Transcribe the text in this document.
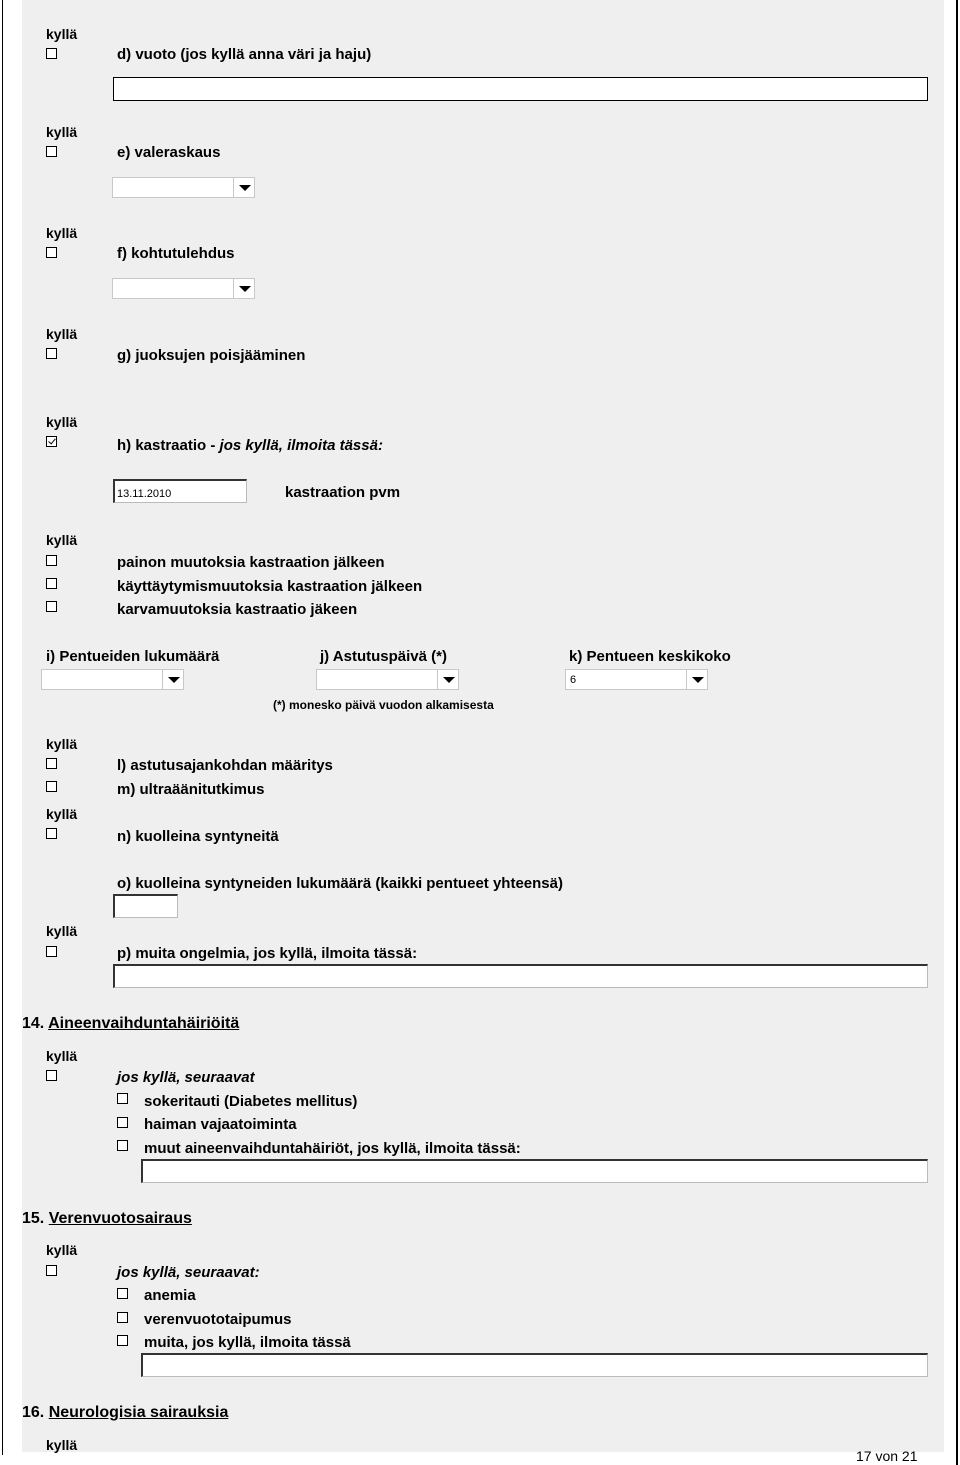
kyllä
d) vuoto (jos kyllä anna väri ja haju)
kyllä
e) valeraskaus
kyllä
f) kohtutulehdus
kyllä
g) juoksujen poisjääminen
kyllä
h) kastraatio - jos kyllä, ilmoita tässä:
13.11.2010	kastraation pvm
kyllä
painon muutoksia kastraation jälkeen
käyttäytymismuutoksia kastraation jälkeen
karvamuutoksia kastraatio jäkeen
i) Pentueiden lukumäärä	j) Astutuspäivä (*)	k) Pentueen keskikoko
6
(*) monesko päivä vuodon alkamisesta
kyllä
l) astutusajankohdan määritys
m) ultraäänitutkimus
kyllä
n) kuolleina syntyneitä
o) kuolleina syntyneiden lukumäärä (kaikki pentueet yhteensä)
kyllä
p) muita ongelmia, jos kyllä, ilmoita tässä:
14. Aineenvaihduntahäiriöitä
kyllä
jos kyllä, seuraavat
sokeritauti (Diabetes mellitus)
haiman vajaatoiminta
muut aineenvaihduntahäiriöt, jos kyllä, ilmoita tässä:
15. Verenvuotosairaus
kyllä
jos kyllä, seuraavat:
anemia
verenvuototaipumus
muita, jos kyllä, ilmoita tässä
16. Neurologisia sairauksia
kyllä
17 von 21
